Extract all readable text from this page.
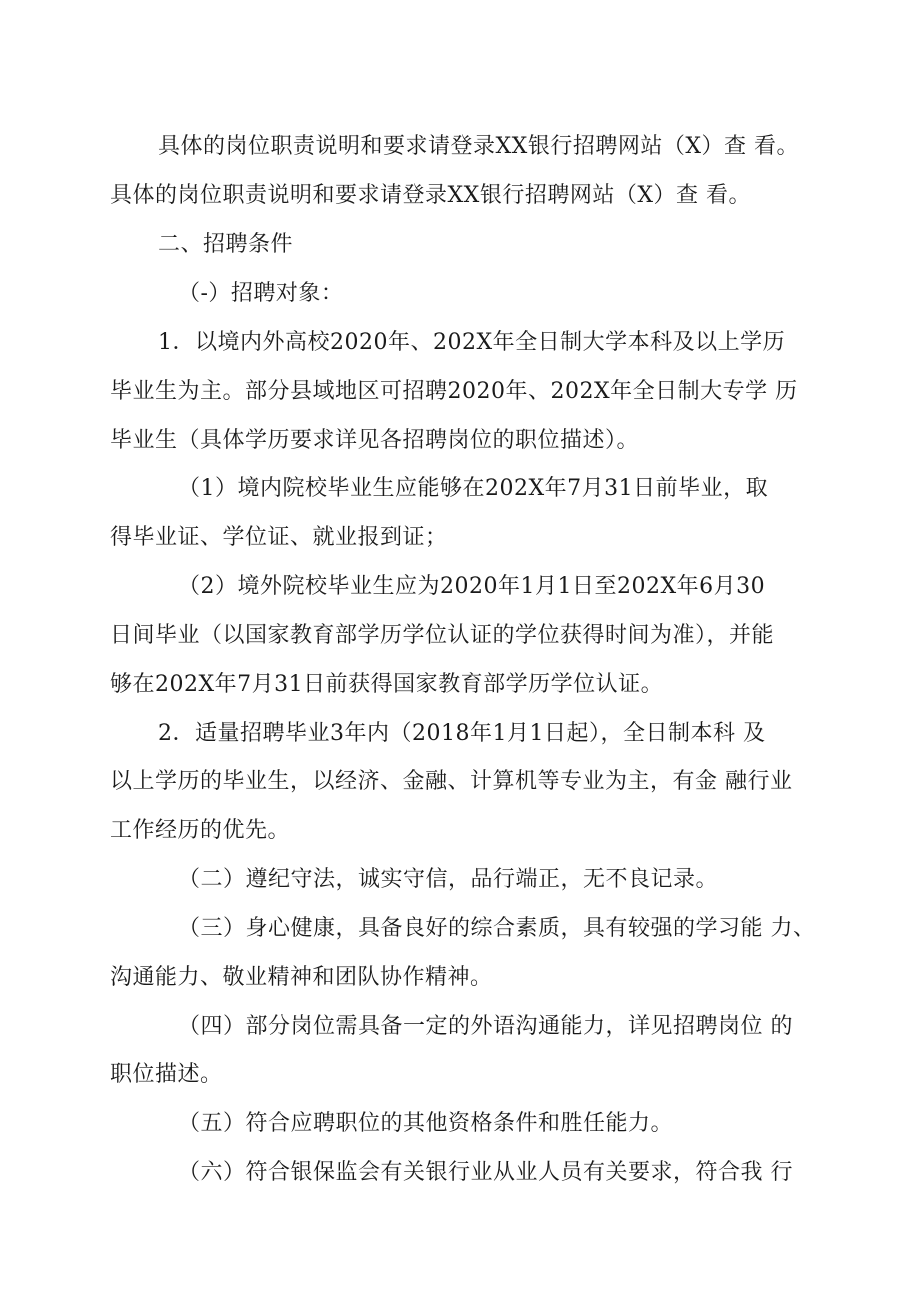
具体的岗位职责说明和要求请登录XX银行招聘网站（X）查 看。
具体的岗位职责说明和要求请登录XX银行招聘网站（X）查 看。
二、招聘条件
（-）招聘对象：
1．以境内外高校2020年、202X年全日制大学本科及以上学历
毕业生为主。部分县域地区可招聘2020年、202X年全日制大专学 历
毕业生（具体学历要求详见各招聘岗位的职位描述）。
（1）境内院校毕业生应能够在202X年7月31日前毕业，取
得毕业证、学位证、就业报到证；
（2）境外院校毕业生应为2020年1月1日至202X年6月30
日间毕业（以国家教育部学历学位认证的学位获得时间为准），并能
够在202X年7月31日前获得国家教育部学历学位认证。
2．适量招聘毕业3年内（2018年1月1日起），全日制本科 及
以上学历的毕业生，以经济、金融、计算机等专业为主，有金 融行业
工作经历的优先。
（二）遵纪守法，诚实守信，品行端正，无不良记录。
（三）身心健康，具备良好的综合素质，具有较强的学习能 力、
沟通能力、敬业精神和团队协作精神。
（四）部分岗位需具备一定的外语沟通能力，详见招聘岗位 的
职位描述。
（五）符合应聘职位的其他资格条件和胜任能力。
（六）符合银保监会有关银行业从业人员有关要求，符合我 行
